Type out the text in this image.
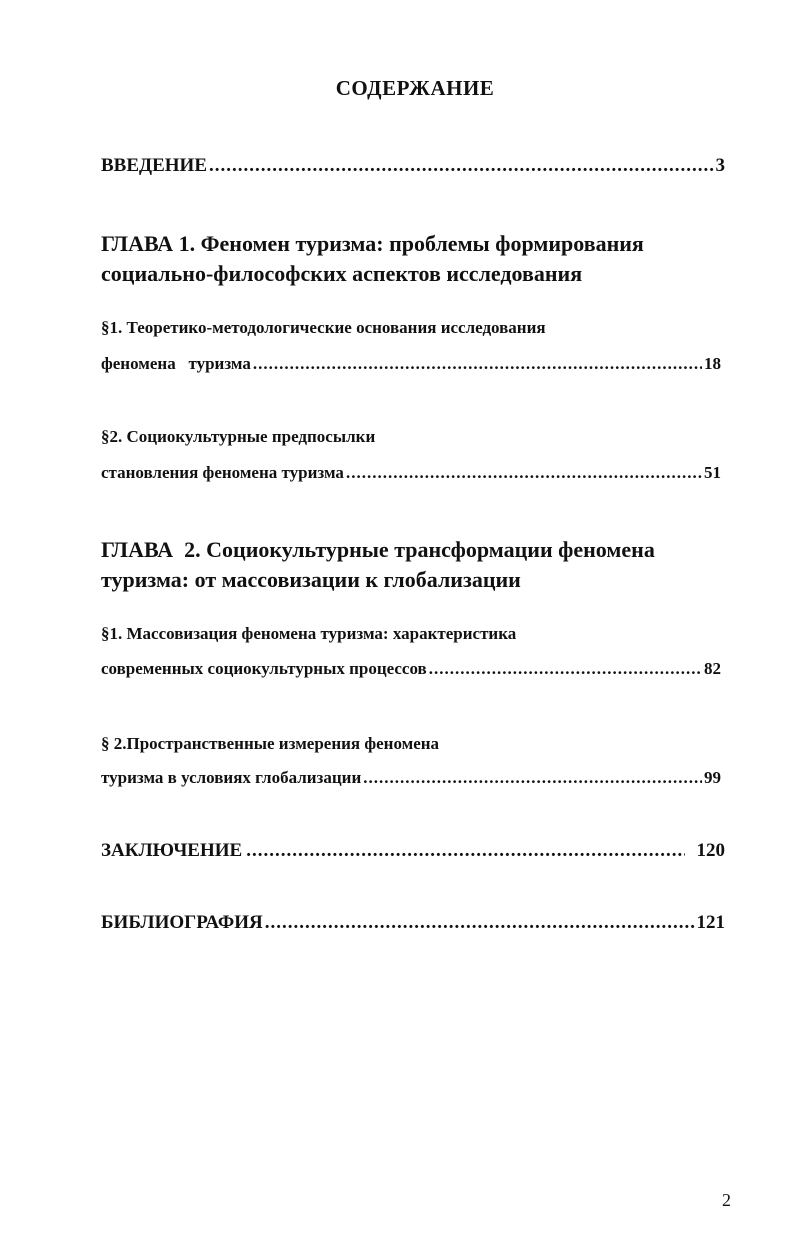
СОДЕРЖАНИЕ
ВВЕДЕНИЕ .....	3
ГЛАВА 1. Феномен туризма: проблемы формирования
социально-философских аспектов исследования
§1. Теоретико-методологические основания исследования
феномена   туризма .....	18
§2. Социокультурные предпосылки
становления феномена туризма .....	51
ГЛАВА  2. Социокультурные трансформации феномена
туризма: от массовизации к глобализации
§1. Массовизация феномена туризма: характеристика
современных социокультурных процессов .....	82
§ 2.Пространственные измерения феномена
туризма в условиях глобализации .....	99
ЗАКЛЮЧЕНИЕ .....	120
БИБЛИОГРАФИЯ .....	121
2
